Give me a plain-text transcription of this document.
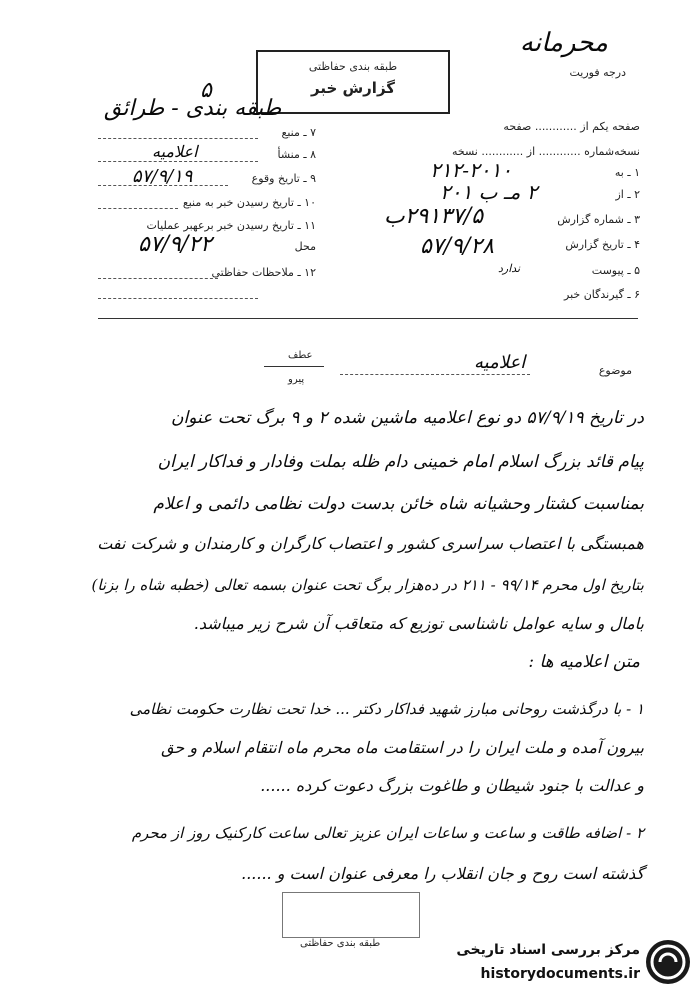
محرمانه
درجه فوریت
طبقه بندی حفاظتی
گزارش خبر
طبقه بندی - طرائق
۵
صفحه یکم از ............ صفحه
نسخه‌شماره ............ از ............ نسخه
۱ ـ به
۲ ـ از
۳ ـ شماره گزارش
۴ ـ تاریخ گزارش
۵ ـ پیوست
۶ ـ گیرندگان خبر
۲۱۲-۲۰۱۰
۲ مـ ب ۲۰۱
۲۹۱۳۷/۵ب
۵۷/۹/۲۸
ندارد
۷ ـ منبع
۸ ـ منشأ
۹ ـ تاریخ وقوع
۱۰ ـ تاریخ رسیدن خبر به منبع
۱۱ ـ تاریخ رسیدن خبر برعهبر عملیات
محل
۱۲ ـ ملاحظات حفاظتی
اعلامیه
۵۷/۹/۱۹
۵۷/۹/۲۲
موضوع
اعلامیه
عطف
پیرو
در تاریخ ۵۷/۹/۱۹ دو نوع اعلامیه ماشین شده ۲ و ۹ برگ تحت عنوان
پیام قائد بزرگ اسلام امام خمینی دام ظله بملت وفادار و فداکار ایران
بمناسبت کشتار وحشیانه شاه خائن بدست دولت نظامی دائمی و اعلام
همبستگی با اعتصاب سراسری کشور و اعتصاب کارگران و کارمندان و شرکت نفت
بتاریخ اول محرم ۹۹/۱۴ - ۲۱۱ در ده‌هزار برگ تحت عنوان بسمه تعالی (خطبه شاه را بزنا)
بامال و سایه عوامل ناشناسی توزیع که متعاقب آن شرح زیر میباشد.
متن اعلامیه ها :
۱ - با درگذشت روحانی مبارز شهید فداکار دکتر ... خدا تحت نظارت حکومت نظامی
بیرون آمده و ملت ایران را در استقامت ماه محرم ماه انتقام اسلام و حق
و عدالت با جنود شیطان و طاغوت بزرگ دعوت کرده ......
۲ - اضافه طاقت و ساعت و ساعات ایران عزیز تعالی ساعت کارکنیک روز از محرم
گذشته است روح و جان انقلاب را معرفی عنوان است و ......
طبقه بندی حفاظتی	مرکز بررسی اسناد تاریخی
historydocuments.ir
